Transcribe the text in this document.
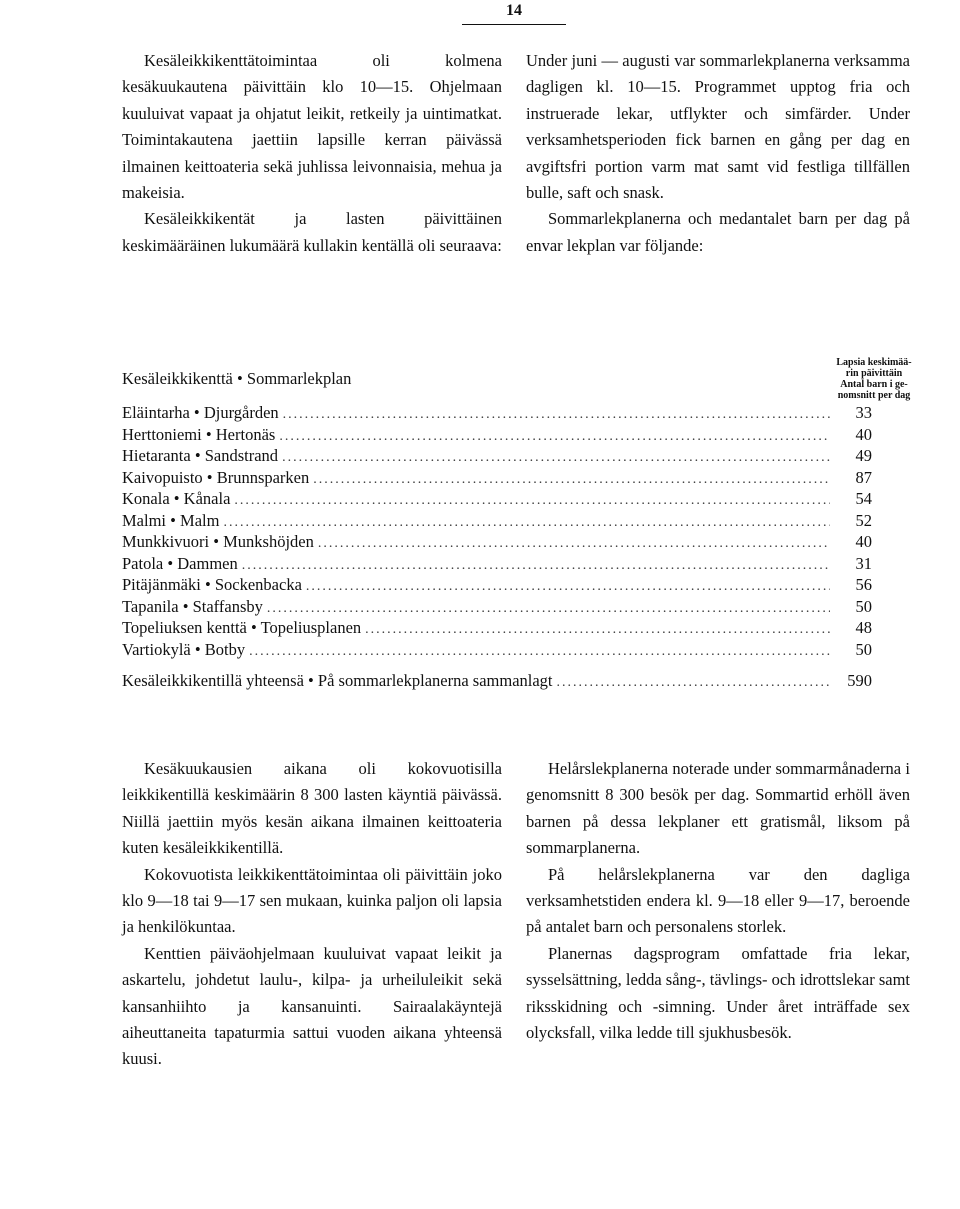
14

Kesäleikkikenttätoimintaa oli kolmena kesäkuukautena päivittäin klo 10—15. Ohjelmaan kuuluivat vapaat ja ohjatut leikit, retkeily ja uintimatkat. Toimintakautena jaettiin lapsille kerran päivässä ilmainen keittoateria sekä juhlissa leivonnaisia, mehua ja makeisia.

Kesäleikkikentät ja lasten päivittäinen keskimääräinen lukumäärä kullakin kentällä oli seuraava:

Under juni — augusti var sommarlekplanerna verksamma dagligen kl. 10—15. Programmet upptog fria och instruerade lekar, utflykter och simfärder. Under verksamhetsperioden fick barnen en gång per dag en avgiftsfri portion varm mat samt vid festliga tillfällen bulle, saft och snask.

Sommarlekplanerna och medantalet barn per dag på envar lekplan var följande:

Kesäleikkikenttä • Sommarlekplan
Lapsia keskimää-
rin päivittäin
Antal barn i ge-
nomsnitt per dag
Eläintarha • Djurgården .....	33
Herttoniemi • Hertonäs .....	40
Hietaranta • Sandstrand .....	49
Kaivopuisto • Brunnsparken .....	87
Konala • Kånala .....	54
Malmi • Malm .....	52
Munkkivuori • Munkshöjden .....	40
Patola • Dammen .....	31
Pitäjänmäki • Sockenbacka .....	56
Tapanila • Staffansby .....	50
Topeliuksen kenttä • Topeliusplanen .....	48
Vartiokylä • Botby .....	50
Kesäleikkikentillä yhteensä • På sommarlekplanerna sammanlagt .....	590

Kesäkuukausien aikana oli kokovuotisilla leikkikentillä keskimäärin 8 300 lasten käyntiä päivässä. Niillä jaettiin myös kesän aikana ilmainen keittoateria kuten kesäleikkikentillä.

Kokovuotista leikkikenttätoimintaa oli päivittäin joko klo 9—18 tai 9—17 sen mukaan, kuinka paljon oli lapsia ja henkilökuntaa.

Kenttien päiväohjelmaan kuuluivat vapaat leikit ja askartelu, johdetut laulu-, kilpa- ja urheiluleikit sekä kansanhiihto ja kansanuinti. Sairaalakäyntejä aiheuttaneita tapaturmia sattui vuoden aikana yhteensä kuusi.

Helårslekplanerna noterade under sommarmånaderna i genomsnitt 8 300 besök per dag. Sommartid erhöll även barnen på dessa lekplaner ett gratismål, liksom på sommarplanerna.

På helårslekplanerna var den dagliga verksamhetstiden endera kl. 9—18 eller 9—17, beroende på antalet barn och personalens storlek.

Planernas dagsprogram omfattade fria lekar, sysselsättning, ledda sång-, tävlings- och idrottslekar samt riksskidning och -simning. Under året inträffade sex olycksfall, vilka ledde till sjukhusbesök.
